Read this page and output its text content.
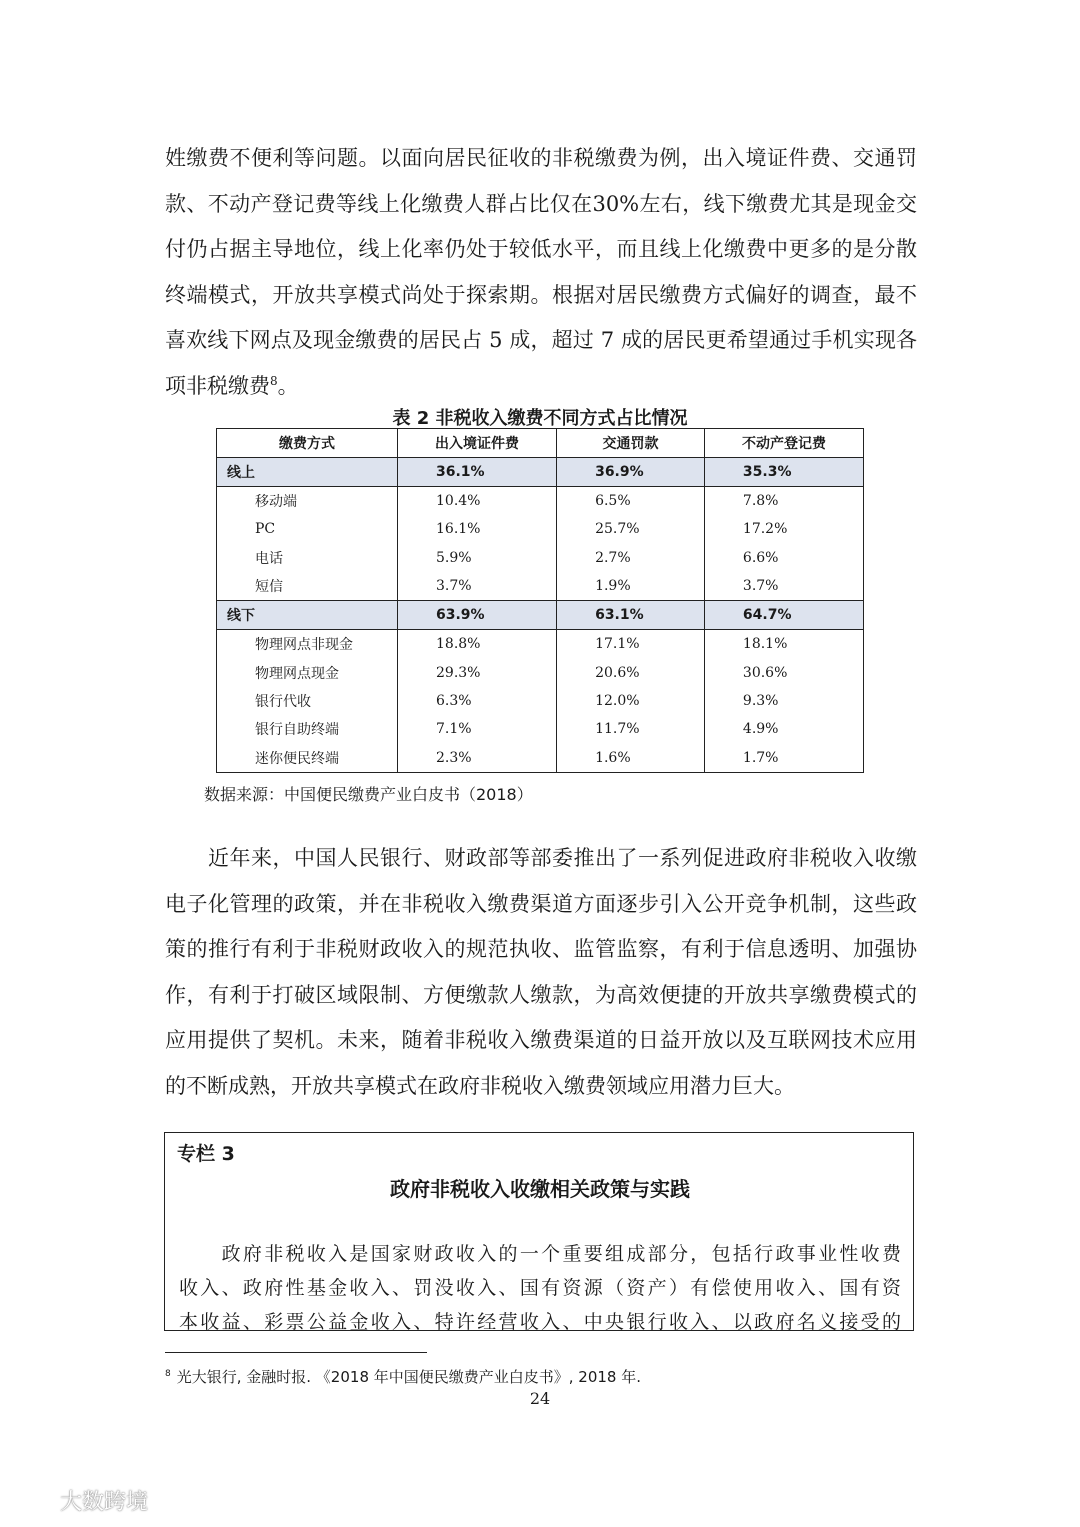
姓缴费不便利等问题。以面向居民征收的非税缴费为例，出入境证件费、交通罚
款、不动产登记费等线上化缴费人群占比仅在30%左右，线下缴费尤其是现金交
付仍占据主导地位，线上化率仍处于较低水平，而且线上化缴费中更多的是分散
终端模式，开放共享模式尚处于探索期。根据对居民缴费方式偏好的调查，最不
喜欢线下网点及现金缴费的居民占 5 成，超过 7 成的居民更希望通过手机实现各
项非税缴费$^8$。
表 2 非税收入缴费不同方式占比情况
缴费方式	出入境证件费	交通罚款	不动产登记费
线上	36.1%	36.9%	35.3%
移动端	10.4%	6.5%	7.8%
PC	16.1%	25.7%	17.2%
电话	5.9%	2.7%	6.6%
短信	3.7%	1.9%	3.7%
线下	63.9%	63.1%	64.7%
物理网点非现金	18.8%	17.1%	18.1%
物理网点现金	29.3%	20.6%	30.6%
银行代收	6.3%	12.0%	9.3%
银行自助终端	7.1%	11.7%	4.9%
迷你便民终端	2.3%	1.6%	1.7%
数据来源：中国便民缴费产业白皮书（2018）
　　近年来，中国人民银行、财政部等部委推出了一系列促进政府非税收入收缴
电子化管理的政策，并在非税收入缴费渠道方面逐步引入公开竞争机制，这些政
策的推行有利于非税财政收入的规范执收、监管监察，有利于信息透明、加强协
作，有利于打破区域限制、方便缴款人缴款，为高效便捷的开放共享缴费模式的
应用提供了契机。未来，随着非税收入缴费渠道的日益开放以及互联网技术应用
的不断成熟，开放共享模式在政府非税收入缴费领域应用潜力巨大。
专栏 3
政府非税收入收缴相关政策与实践
　　政府非税收入是国家财政收入的一个重要组成部分，包括行政事业性收费
收入、政府性基金收入、罚没收入、国有资源（资产）有偿使用收入、国有资
本收益、彩票公益金收入、特许经营收入、中央银行收入、以政府名义接受的
$^8$ 光大银行, 金融时报. 《2018 年中国便民缴费产业白皮书》, 2018 年.
24
大数跨境
